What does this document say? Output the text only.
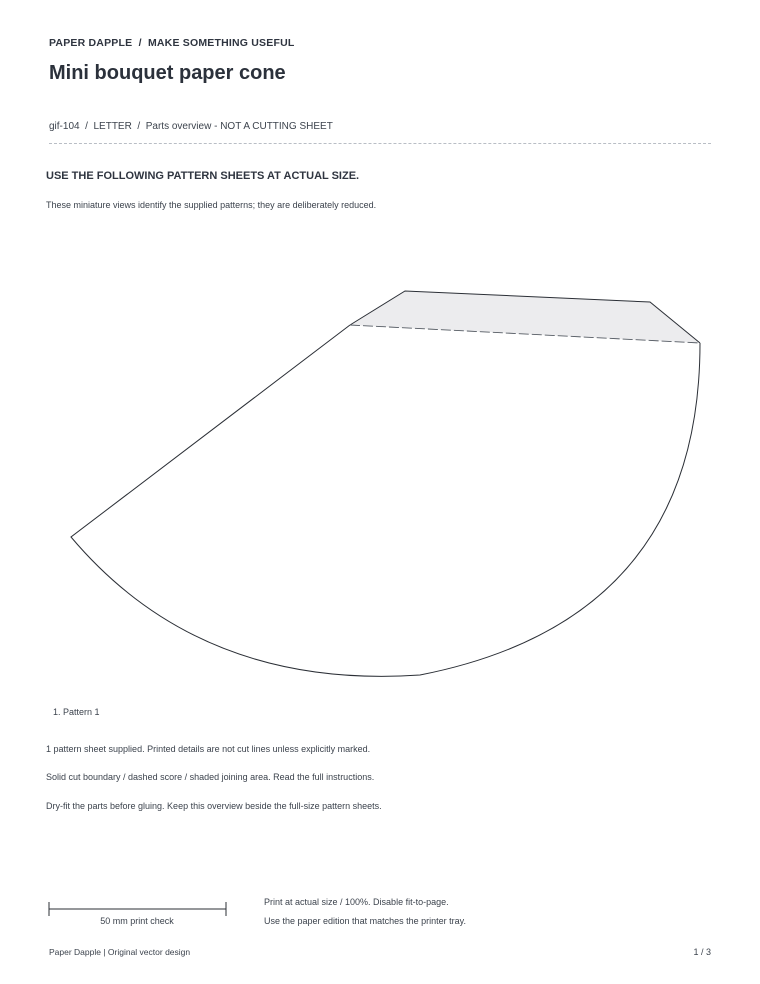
PAPER DAPPLE / MAKE SOMETHING USEFUL
Mini bouquet paper cone
gif-104  /  LETTER  /  Parts overview - NOT A CUTTING SHEET
USE THE FOLLOWING PATTERN SHEETS AT ACTUAL SIZE.
These miniature views identify the supplied patterns; they are deliberately reduced.
1. Pattern 1
1 pattern sheet supplied. Printed details are not cut lines unless explicitly marked.
Solid cut boundary / dashed score / shaded joining area. Read the full instructions.
Dry-fit the parts before gluing. Keep this overview beside the full-size pattern sheets.
50 mm print check
Print at actual size / 100%. Disable fit-to-page.
Use the paper edition that matches the printer tray.
Paper Dapple | Original vector design	1 / 3
